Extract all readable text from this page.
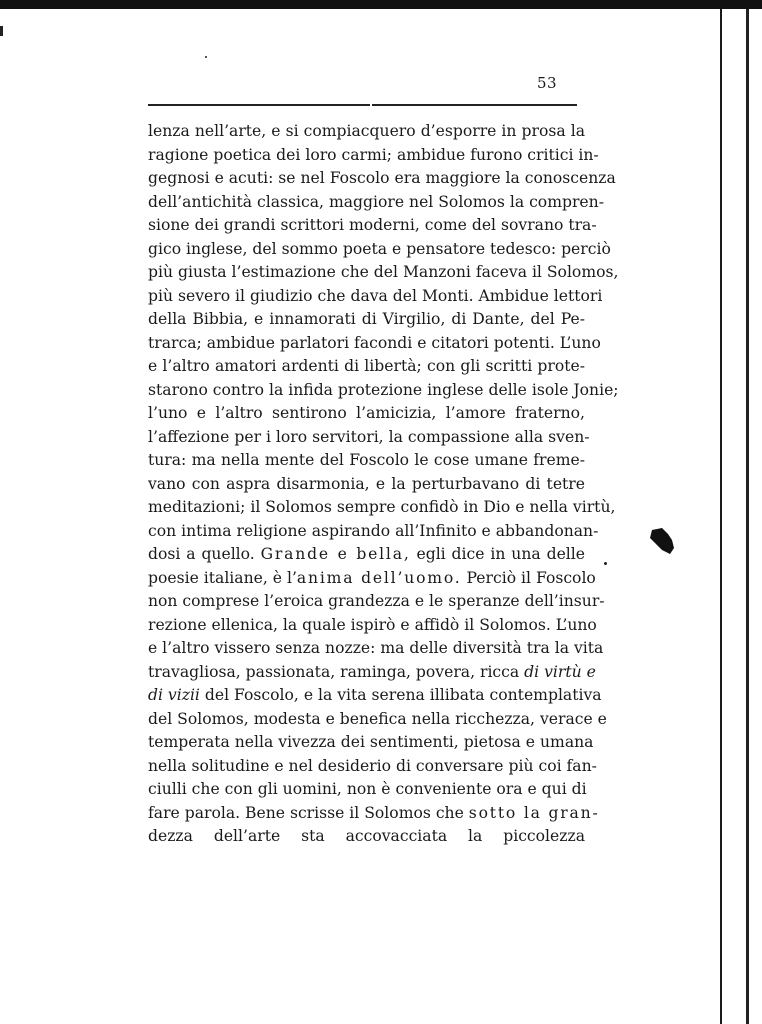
53
lenza nell’arte, e si compiacquero d’esporre in prosa la
ragione poetica dei loro carmi; ambidue furono critici in-
gegnosi e acuti: se nel Foscolo era maggiore la conoscenza
dell’antichità classica, maggiore nel Solomos la compren-
sione dei grandi scrittori moderni, come del sovrano tra-
gico inglese, del sommo poeta e pensatore tedesco: perciò
più giusta l’estimazione che del Manzoni faceva il Solomos,
più severo il giudizio che dava del Monti. Ambidue lettori
della Bibbia, e innamorati di Virgilio, di Dante, del Pe-
trarca; ambidue parlatori facondi e citatori potenti. L’uno
e l’altro amatori ardenti di libertà; con gli scritti prote-
starono contro la infida protezione inglese delle isole Jonie;
l’uno e l’altro sentirono l’amicizia, l’amore fraterno,
l’affezione per i loro servitori, la compassione alla sven-
tura: ma nella mente del Foscolo le cose umane freme-
vano con aspra disarmonia, e la perturbavano di tetre
meditazioni; il Solomos sempre confidò in Dio e nella virtù,
con intima religione aspirando all’Infinito e abbandonan-
dosi a quello. Grande e bella, egli dice in una delle
poesie italiane, è l’anima dell’uomo. Perciò il Foscolo
non comprese l’eroica grandezza e le speranze dell’insur-
rezione ellenica, la quale ispirò e affidò il Solomos. L’uno
e l’altro vissero senza nozze: ma delle diversità tra la vita
travagliosa, passionata, raminga, povera, ricca di virtù e
di vizii del Foscolo, e la vita serena illibata contemplativa
del Solomos, modesta e benefica nella ricchezza, verace e
temperata nella vivezza dei sentimenti, pietosa e umana
nella solitudine e nel desiderio di conversare più coi fan-
ciulli che con gli uomini, non è conveniente ora e qui di
fare parola. Bene scrisse il Solomos che sotto la gran-
dezza dell’arte sta accovacciata la piccolezza
